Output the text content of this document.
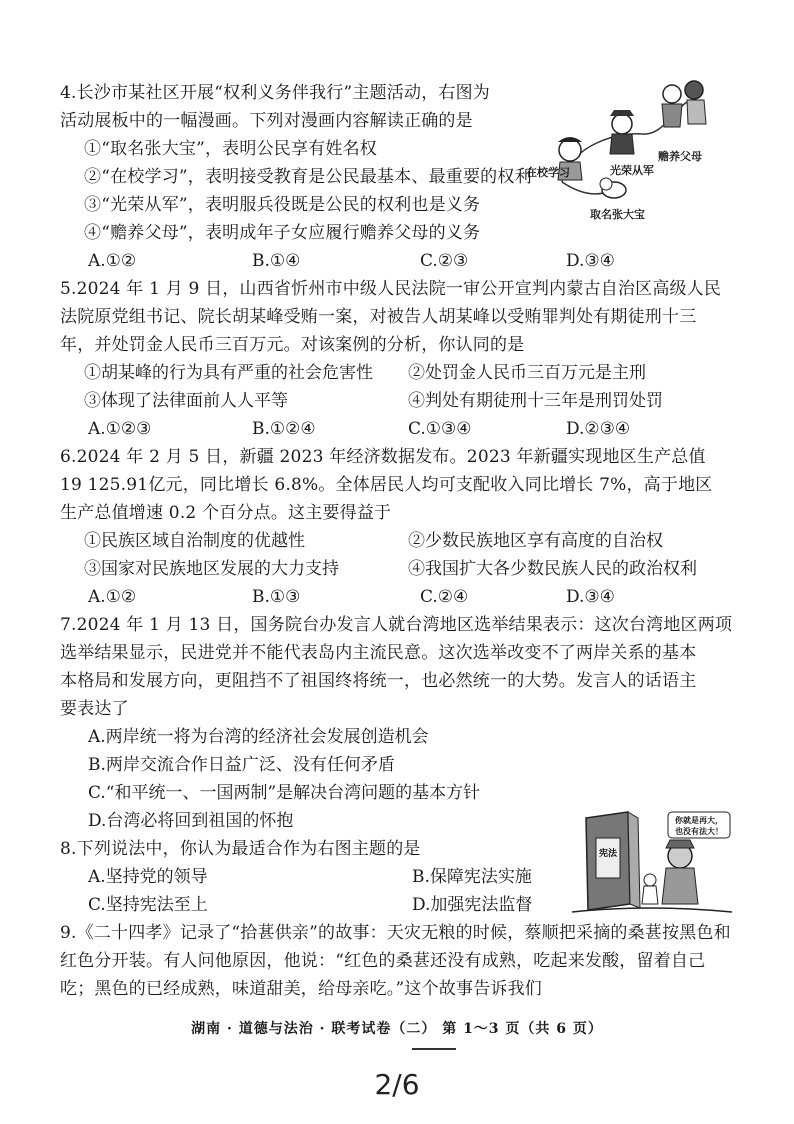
4.长沙市某社区开展“权利义务伴我行”主题活动，右图为
活动展板中的一幅漫画。下列对漫画内容解读正确的是
①“取名张大宝”，表明公民享有姓名权
②“在校学习”，表明接受教育是公民最基本、最重要的权利
③“光荣从军”，表明服兵役既是公民的权利也是义务
④“赡养父母”，表明成年子女应履行赡养父母的义务
A.①②	B.①④	C.②③	D.③④
赡养父母
光荣从军
在校学习
取名张大宝
5.2024 年 1 月 9 日，山西省忻州市中级人民法院一审公开宣判内蒙古自治区高级人民
法院原党组书记、院长胡某峰受贿一案，对被告人胡某峰以受贿罪判处有期徒刑十三
年，并处罚金人民币三百万元。对该案例的分析，你认同的是
①胡某峰的行为具有严重的社会危害性 ②处罚金人民币三百万元是主刑
③体现了法律面前人人平等	④判处有期徒刑十三年是刑罚处罚
A.①②③	B.①②④	C.①③④	D.②③④
6.2024 年 2 月 5 日，新疆 2023 年经济数据发布。2023 年新疆实现地区生产总值
19 125.91亿元，同比增长 6.8%。全体居民人均可支配收入同比增长 7%，高于地区
生产总值增速 0.2 个百分点。这主要得益于
①民族区域自治制度的优越性	②少数民族地区享有高度的自治权
③国家对民族地区发展的大力支持	④我国扩大各少数民族人民的政治权利
A.①②	B.①③	C.②④	D.③④
7.2024 年 1 月 13 日，国务院台办发言人就台湾地区选举结果表示：这次台湾地区两项
选举结果显示，民进党并不能代表岛内主流民意。这次选举改变不了两岸关系的基本
本格局和发展方向，更阻挡不了祖国终将统一，也必然统一的大势。发言人的话语主
要表达了
A.两岸统一将为台湾的经济社会发展创造机会
B.两岸交流合作日益广泛、没有任何矛盾
C.“和平统一、一国两制”是解决台湾问题的基本方针
D.台湾必将回到祖国的怀抱
8.下列说法中，你认为最适合作为右图主题的是
A.坚持党的领导	B.保障宪法实施
C.坚持宪法至上	D.加强宪法监督
宪法
你就是再大，
也没有法大！
9.《二十四孝》记录了“拾葚供亲”的故事：天灾无粮的时候，蔡顺把采摘的桑葚按黑色和
红色分开装。有人问他原因，他说：“红色的桑葚还没有成熟，吃起来发酸，留着自己
吃；黑色的已经成熟，味道甜美，给母亲吃。”这个故事告诉我们
湖南 · 道德与法治 · 联考试卷（二） 第 1～3 页（共 6 页）
2/6
